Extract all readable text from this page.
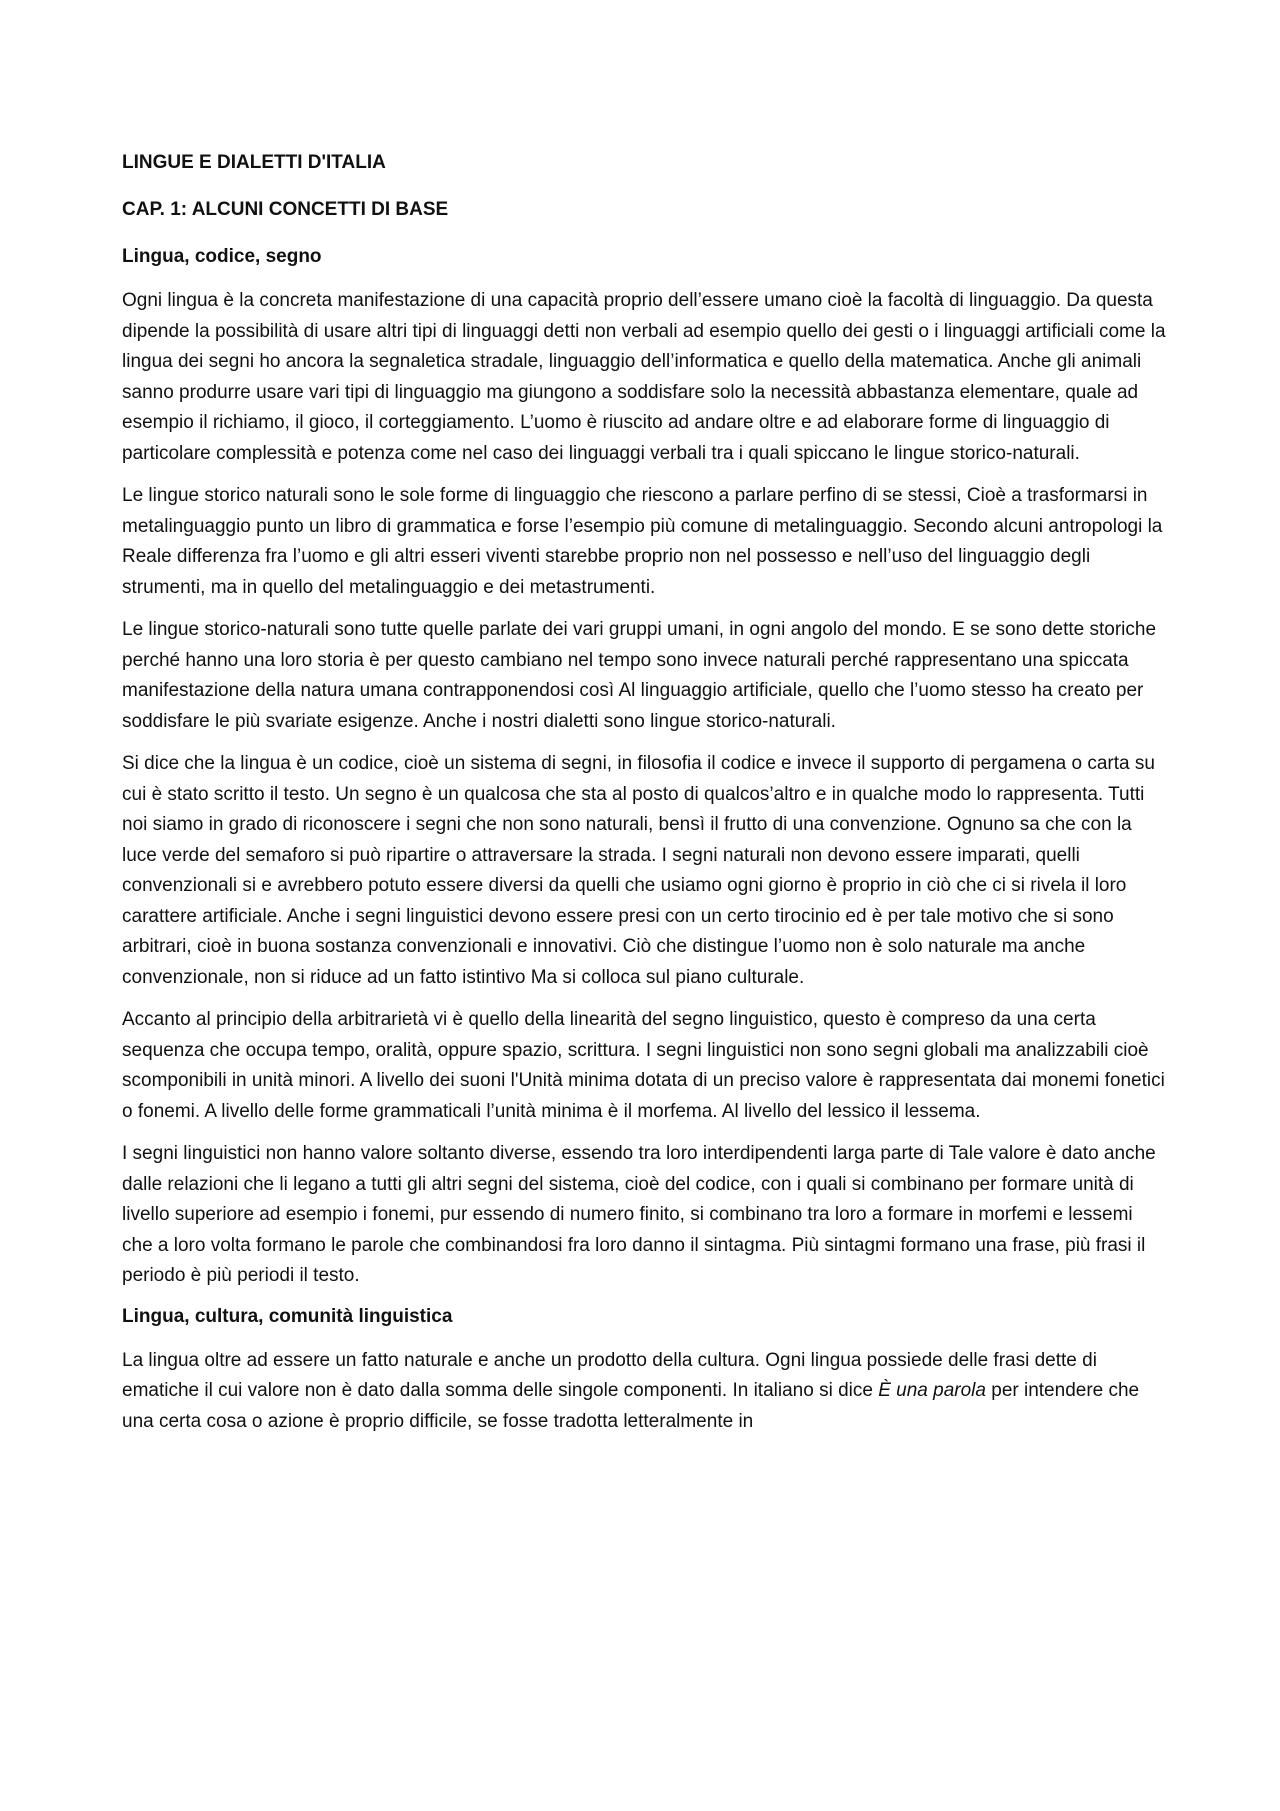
LINGUE E DIALETTI D'ITALIA
CAP. 1: ALCUNI CONCETTI DI BASE
Lingua, codice, segno

Ogni lingua è la concreta manifestazione di una capacità proprio dell’essere umano cioè la facoltà di linguaggio. Da questa dipende la possibilità di usare altri tipi di linguaggi detti non verbali ad esempio quello dei gesti o i linguaggi artificiali come la lingua dei segni ho ancora la segnaletica stradale, linguaggio dell’informatica e quello della matematica. Anche gli animali sanno produrre usare vari tipi di linguaggio ma giungono a soddisfare solo la necessità abbastanza elementare, quale ad esempio il richiamo, il gioco, il corteggiamento. L’uomo è riuscito ad andare oltre e ad elaborare forme di linguaggio di particolare complessità e potenza come nel caso dei linguaggi verbali tra i quali spiccano le lingue storico-naturali.

Le lingue storico naturali sono le sole forme di linguaggio che riescono a parlare perfino di se stessi, Cioè a trasformarsi in metalinguaggio punto un libro di grammatica e forse l’esempio più comune di metalinguaggio. Secondo alcuni antropologi la Reale differenza fra l’uomo e gli altri esseri viventi starebbe proprio non nel possesso e nell’uso del linguaggio degli strumenti, ma in quello del metalinguaggio e dei metastrumenti.

Le lingue storico-naturali sono tutte quelle parlate dei vari gruppi umani, in ogni angolo del mondo. E se sono dette storiche perché hanno una loro storia è per questo cambiano nel tempo sono invece naturali perché rappresentano una spiccata manifestazione della natura umana contrapponendosi così Al linguaggio artificiale, quello che l’uomo stesso ha creato per soddisfare le più svariate esigenze. Anche i nostri dialetti sono lingue storico-naturali.

Si dice che la lingua è un codice, cioè un sistema di segni, in filosofia il codice e invece il supporto di pergamena o carta su cui è stato scritto il testo. Un segno è un qualcosa che sta al posto di qualcos’altro e in qualche modo lo rappresenta. Tutti noi siamo in grado di riconoscere i segni che non sono naturali, bensì il frutto di una convenzione. Ognuno sa che con la luce verde del semaforo si può ripartire o attraversare la strada. I segni naturali non devono essere imparati, quelli convenzionali si e avrebbero potuto essere diversi da quelli che usiamo ogni giorno è proprio in ciò che ci si rivela il loro carattere artificiale. Anche i segni linguistici devono essere presi con un certo tirocinio ed è per tale motivo che si sono arbitrari, cioè in buona sostanza convenzionali e innovativi. Ciò che distingue l’uomo non è solo naturale ma anche convenzionale, non si riduce ad un fatto istintivo Ma si colloca sul piano culturale.

Accanto al principio della arbitrarietà vi è quello della linearità del segno linguistico, questo è compreso da una certa sequenza che occupa tempo, oralità, oppure spazio, scrittura. I segni linguistici non sono segni globali ma analizzabili cioè scomponibili in unità minori. A livello dei suoni l'Unità minima dotata di un preciso valore è rappresentata dai monemi fonetici o fonemi. A livello delle forme grammaticali l’unità minima è il morfema. Al livello del lessico il lessema.

I segni linguistici non hanno valore soltanto diverse, essendo tra loro interdipendenti larga parte di Tale valore è dato anche dalle relazioni che li legano a tutti gli altri segni del sistema, cioè del codice, con i quali si combinano per formare unità di livello superiore ad esempio i fonemi, pur essendo di numero finito, si combinano tra loro a formare in morfemi e lessemi che a loro volta formano le parole che combinandosi fra loro danno il sintagma. Più sintagmi formano una frase, più frasi il periodo è più periodi il testo.

Lingua, cultura, comunità linguistica

La lingua oltre ad essere un fatto naturale e anche un prodotto della cultura. Ogni lingua possiede delle frasi dette di ematiche il cui valore non è dato dalla somma delle singole componenti. In italiano si dice È una parola per intendere che una certa cosa o azione è proprio difficile, se fosse tradotta letteralmente in
